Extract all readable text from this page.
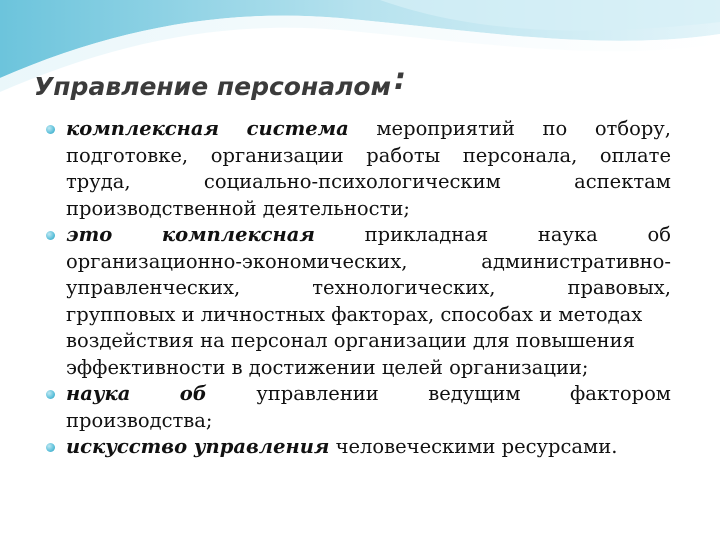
Управление персоналом :
комплексная система мероприятий по отбору,
подготовке, организации работы персонала, оплате
труда,	социально-психологическим	аспектам
производственной деятельности;
это	комплексная	прикладная	наука	об
организационно-экономических,	административно-
управленческих,	технологических,	правовых,
групповых и личностных факторах, способах и методах
воздействия на персонал организации для повышения
эффективности в достижении целей организации;
наука	об	управлении	ведущим	фактором
производства;
искусство управления человеческими ресурсами.
